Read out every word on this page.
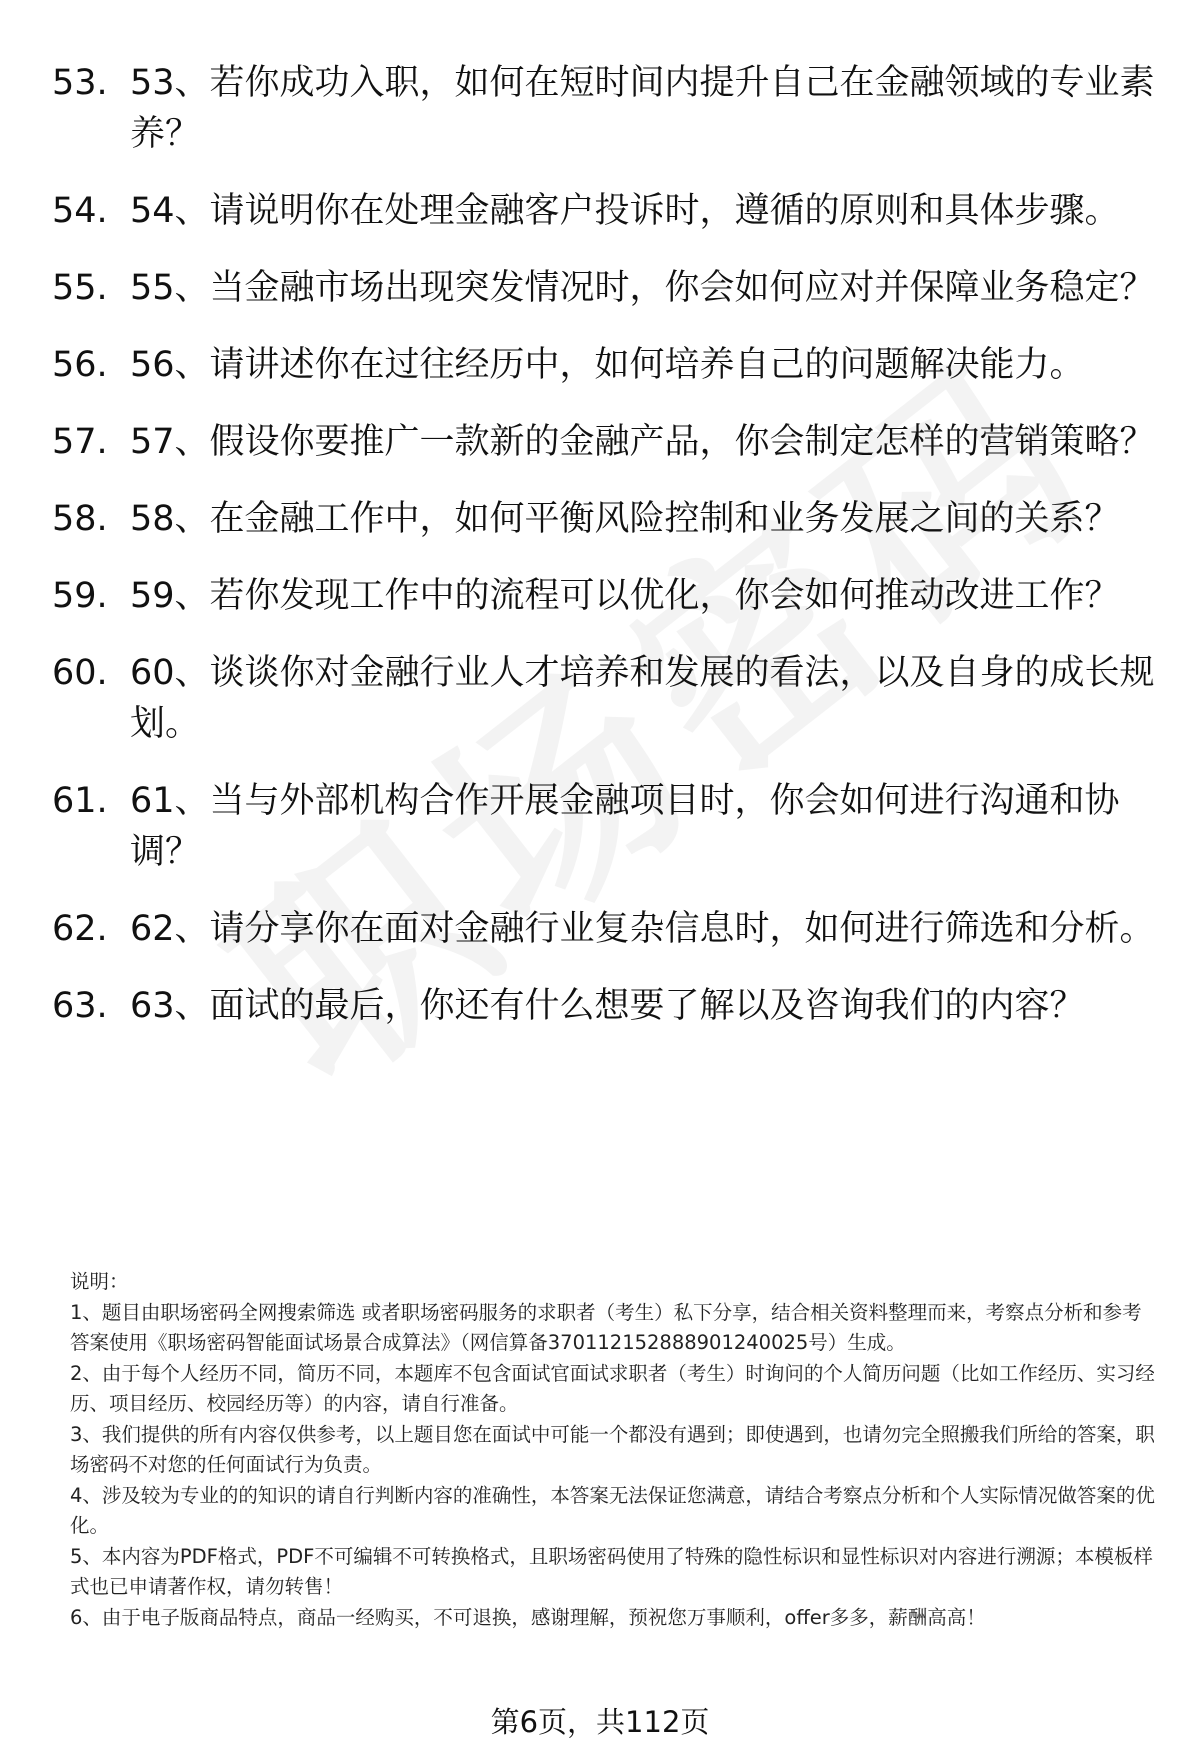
53. 53、若你成功入职，如何在短时间内提升自己在金融领域的专业素养？
54. 54、请说明你在处理金融客户投诉时，遵循的原则和具体步骤。
55. 55、当金融市场出现突发情况时，你会如何应对并保障业务稳定？
56. 56、请讲述你在过往经历中，如何培养自己的问题解决能力。
57. 57、假设你要推广一款新的金融产品，你会制定怎样的营销策略？
58. 58、在金融工作中，如何平衡风险控制和业务发展之间的关系？
59. 59、若你发现工作中的流程可以优化，你会如何推动改进工作？
60. 60、谈谈你对金融行业人才培养和发展的看法，以及自身的成长规划。
61. 61、当与外部机构合作开展金融项目时，你会如何进行沟通和协调？
62. 62、请分享你在面对金融行业复杂信息时，如何进行筛选和分析。
63. 63、面试的最后，你还有什么想要了解以及咨询我们的内容？

说明：

1、题目由职场密码全网搜索筛选 或者职场密码服务的求职者（考生）私下分享，结合相关资料整理而来，考察点分析和参考答案使用《职场密码智能面试场景合成算法》（网信算备370112152888901240025号）生成。

2、由于每个人经历不同，简历不同，本题库不包含面试官面试求职者（考生）时询问的个人简历问题（比如工作经历、实习经历、项目经历、校园经历等）的内容，请自行准备。

3、我们提供的所有内容仅供参考，以上题目您在面试中可能一个都没有遇到；即使遇到，也请勿完全照搬我们所给的答案，职场密码不对您的任何面试行为负责。

4、涉及较为专业的的知识的请自行判断内容的准确性，本答案无法保证您满意，请结合考察点分析和个人实际情况做答案的优化。

5、本内容为PDF格式，PDF不可编辑不可转换格式，且职场密码使用了特殊的隐性标识和显性标识对内容进行溯源；本模板样式也已申请著作权，请勿转售！

6、由于电子版商品特点，商品一经购买，不可退换，感谢理解，预祝您万事顺利，offer多多，薪酬高高！

第6页，共112页
